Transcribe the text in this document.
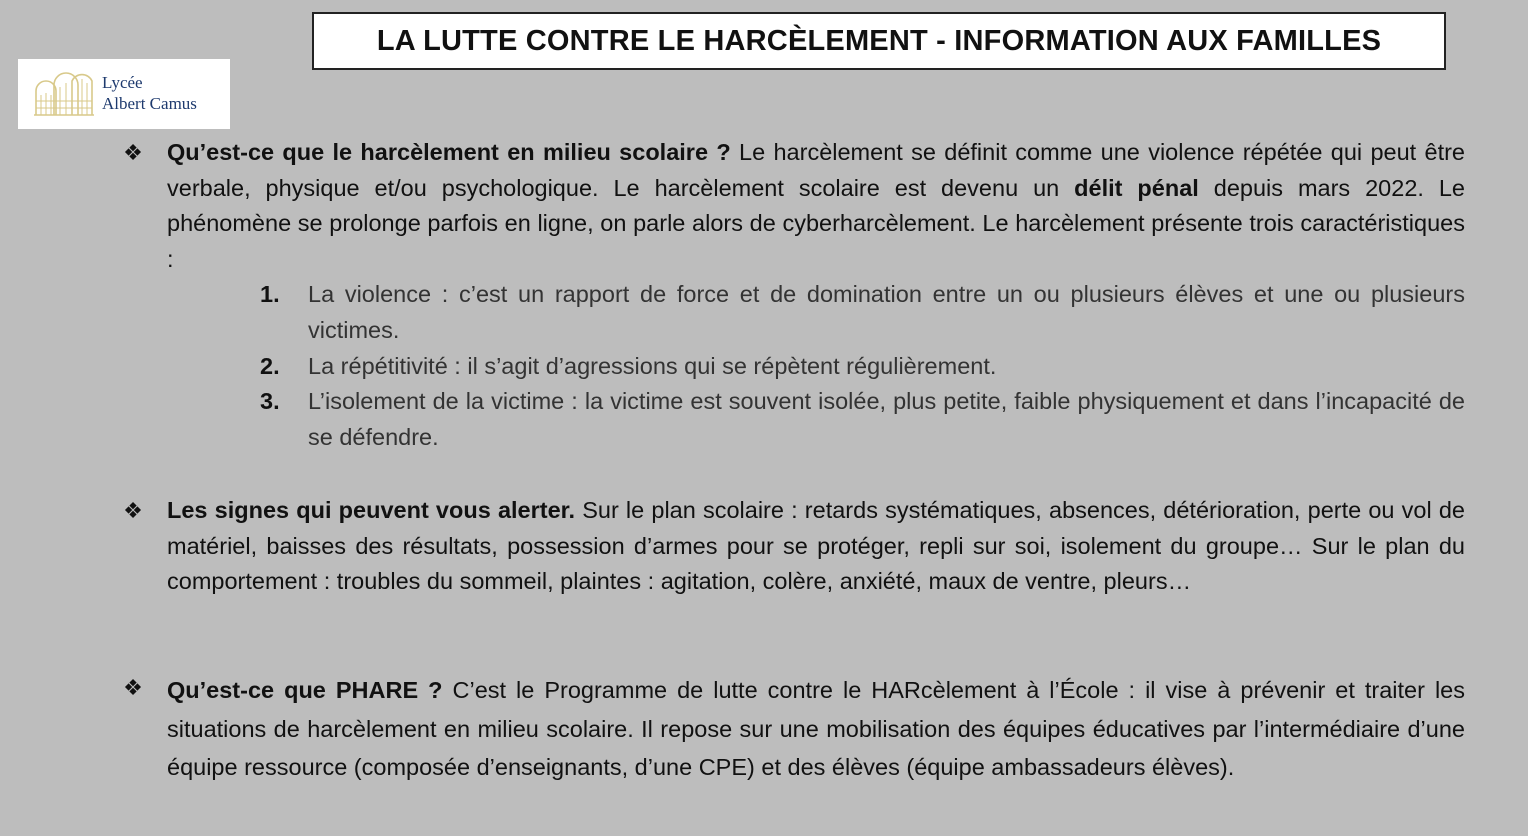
LA LUTTE CONTRE LE HARCÈLEMENT - INFORMATION AUX FAMILLES
Lycée
Albert Camus
❖ Qu’est-ce que le harcèlement en milieu scolaire ? Le harcèlement se définit comme une violence répétée qui peut être verbale, physique et/ou psychologique. Le harcèlement scolaire est devenu un délit pénal depuis mars 2022. Le phénomène se prolonge parfois en ligne, on parle alors de cyberharcèlement. Le harcèlement présente trois caractéristiques :
1. La violence : c’est un rapport de force et de domination entre un ou plusieurs élèves et une ou plusieurs victimes.
2. La répétitivité : il s’agit d’agressions qui se répètent régulièrement.
3. L’isolement de la victime : la victime est souvent isolée, plus petite, faible physiquement et dans l’incapacité de se défendre.
❖ Les signes qui peuvent vous alerter. Sur le plan scolaire : retards systématiques, absences, détérioration, perte ou vol de matériel, baisses des résultats, possession d’armes pour se protéger, repli sur soi, isolement du groupe… Sur le plan du comportement : troubles du sommeil, plaintes : agitation, colère, anxiété, maux de ventre, pleurs…
❖ Qu’est-ce que PHARE ? C’est le Programme de lutte contre le HARcèlement à l’École : il vise à prévenir et traiter les situations de harcèlement en milieu scolaire. Il repose sur une mobilisation des équipes éducatives par l’intermédiaire d’une équipe ressource (composée d’enseignants, d’une CPE) et des élèves (équipe ambassadeurs élèves).
